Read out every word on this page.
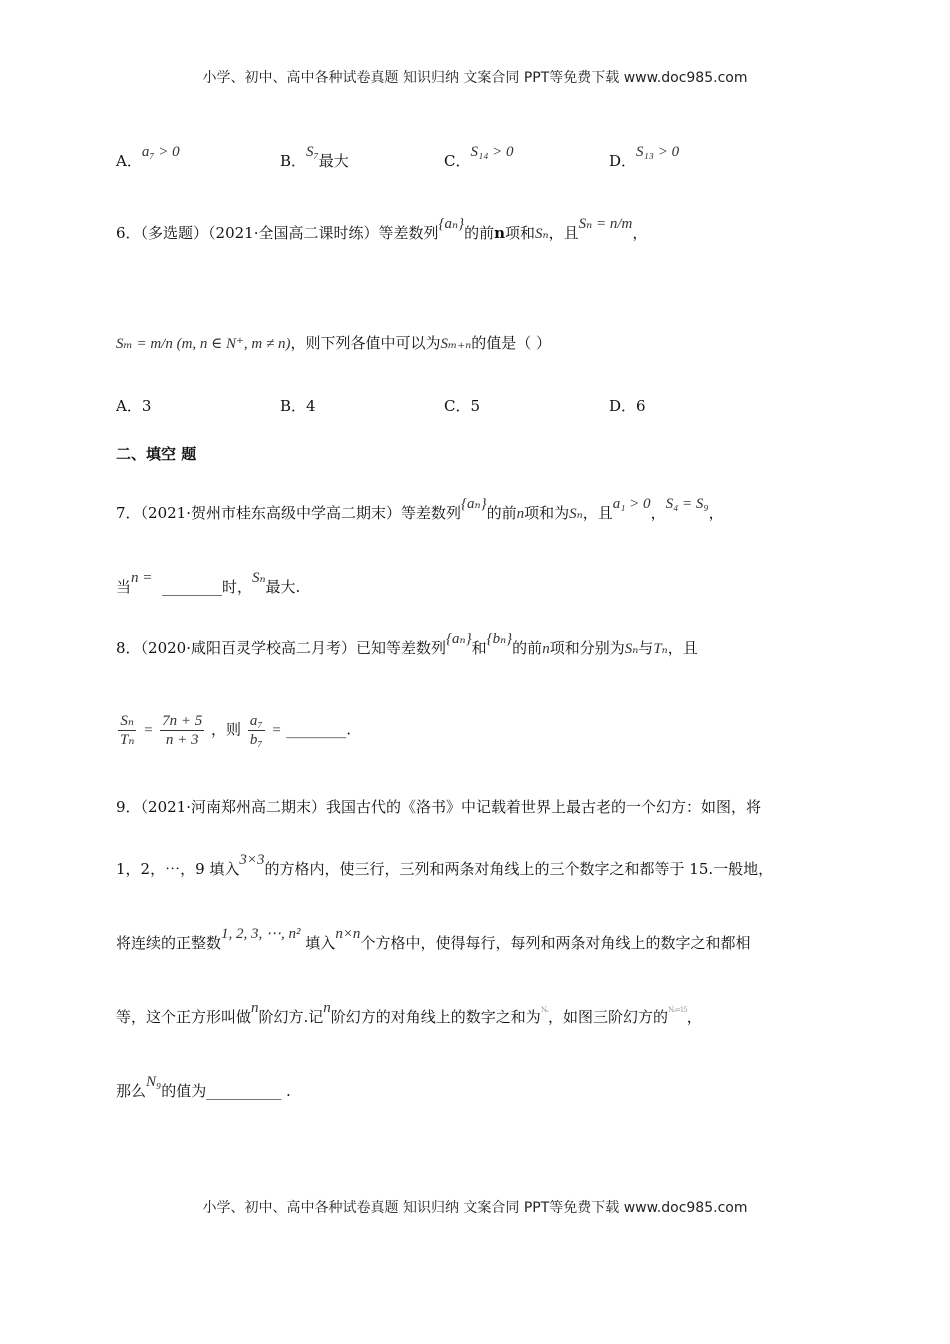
小学、初中、高中各种试卷真题 知识归纳 文案合同 PPT等免费下载 www.doc985.com
A．a₇ > 0	B．S₇最大	C．S₁₄ > 0	D．S₁₃ > 0
6．（多选题）（2021·全国高二课时练）等差数列{aₙ}的前n项和Sₙ，且Sₙ = n/m，
Sₘ = m/n (m, n ∈ N⁺, m ≠ n)，则下列各值中可以为Sₘ₊ₙ的值是（ ）
A．3	B．4	C．5	D．6
二、填空 题
7．（2021·贺州市桂东高级中学高二期末）等差数列{aₙ}的前n项和为Sₙ，且a₁ > 0，S₄ = S₉，
当n = ________时，Sₙ最大.
8．（2020·咸阳百灵学校高二月考）已知等差数列{aₙ}和{bₙ}的前n项和分别为Sₙ与Tₙ，且
$\frac{\text{Sₙ}}{\text{Tₙ}} = \frac{7n + 5}{n + 3}$ ，则 $\frac{\text{a₇}}{\text{b₇}}$ = ________.
9．（2021·河南郑州高二期末）我国古代的《洛书》中记载着世界上最古老的一个幻方：如图，将
1，2，⋯，9 填入3×3的方格内，使三行，三列和两条对角线上的三个数字之和都等于 15.一般地，
将连续的正整数1, 2, 3, ⋯, n² 填入n×n个方格中，使得每行，每列和两条对角线上的数字之和都相
等，这个正方形叫做n阶幻方.记n阶幻方的对角线上的数字之和为$^{N_n}$，如图三阶幻方的$^{N_3=15}$，
那么N₉的值为__________ .
小学、初中、高中各种试卷真题 知识归纳 文案合同 PPT等免费下载 www.doc985.com
